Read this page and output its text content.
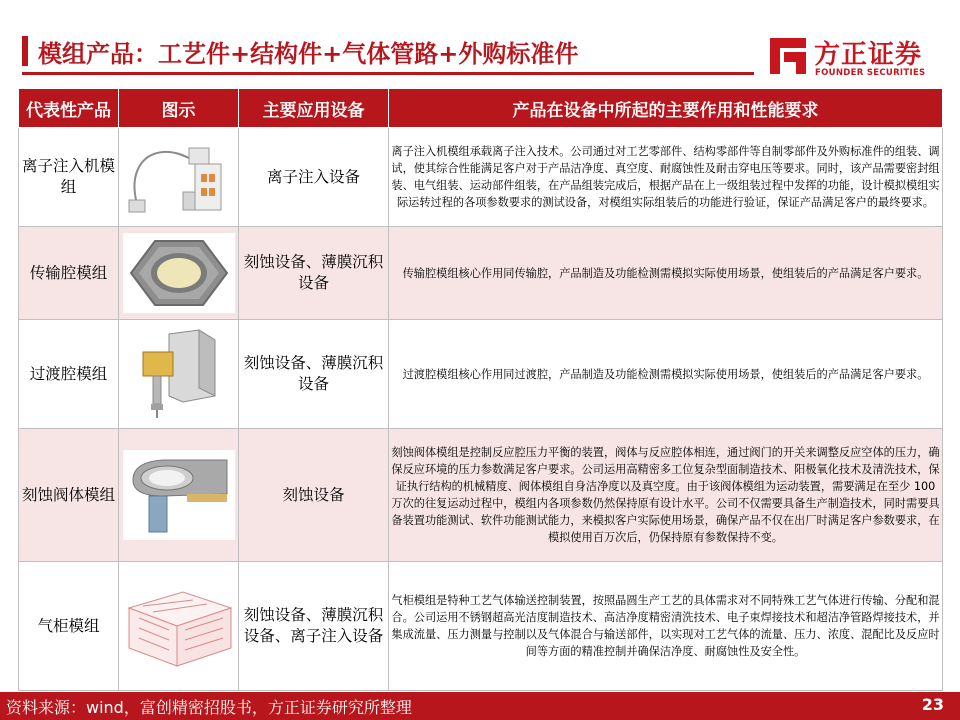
模组产品：工艺件+结构件+气体管路+外购标准件	方正证券
FOUNDER SECURITIES
代表性产品	图示	主要应用设备	产品在设备中所起的主要作用和性能要求
离子注入机模组		离子注入设备	离子注入机模组承载离子注入技术。公司通过对工艺零部件、结构零部件等自制零部件及外购标准件的组装、调试，使其综合性能满足客户对于产品洁净度、真空度、耐腐蚀性及耐击穿电压等要求。同时，该产品需要密封组装、电气组装、运动部件组装，在产品组装完成后，根据产品在上一级组装过程中发挥的功能，设计模拟模组实际运转过程的各项参数要求的测试设备，对模组实际组装后的功能进行验证，保证产品满足客户的最终要求。
传输腔模组		刻蚀设备、薄膜沉积设备	传输腔模组核心作用同传输腔，产品制造及功能检测需模拟实际使用场景，使组装后的产品满足客户要求。
过渡腔模组		刻蚀设备、薄膜沉积设备	过渡腔模组核心作用同过渡腔，产品制造及功能检测需模拟实际使用场景，使组装后的产品满足客户要求。
刻蚀阀体模组		刻蚀设备	刻蚀阀体模组是控制反应腔压力平衡的装置，阀体与反应腔体相连，通过阀门的开关来调整反应空体的压力，确保反应环境的压力参数满足客户要求。公司运用高精密多工位复杂型面制造技术、阳极氧化技术及清洗技术，保证执行结构的机械精度、阀体模组自身洁净度以及真空度。由于该阀体模组为运动装置，需要满足在至少 100 万次的往复运动过程中，模组内各项参数仍然保持原有设计水平。公司不仅需要具备生产制造技术，同时需要具备装置功能测试、软件功能测试能力，来模拟客户实际使用场景，确保产品不仅在出厂时满足客户参数要求，在模拟使用百万次后，仍保持原有参数保持不变。
气柜模组		刻蚀设备、薄膜沉积设备、离子注入设备	气柜模组是特种工艺气体输送控制装置，按照晶圆生产工艺的具体需求对不同特殊工艺气体进行传输、分配和混合。公司运用不锈钢超高光洁度制造技术、高洁净度精密清洗技术、电子束焊接技术和超洁净管路焊接技术，并集成流量、压力测量与控制以及气体混合与输送部件，以实现对工艺气体的流量、压力、浓度、混配比及反应时间等方面的精准控制并确保洁净度、耐腐蚀性及安全性。
资料来源：wind，富创精密招股书，方正证券研究所整理	23
